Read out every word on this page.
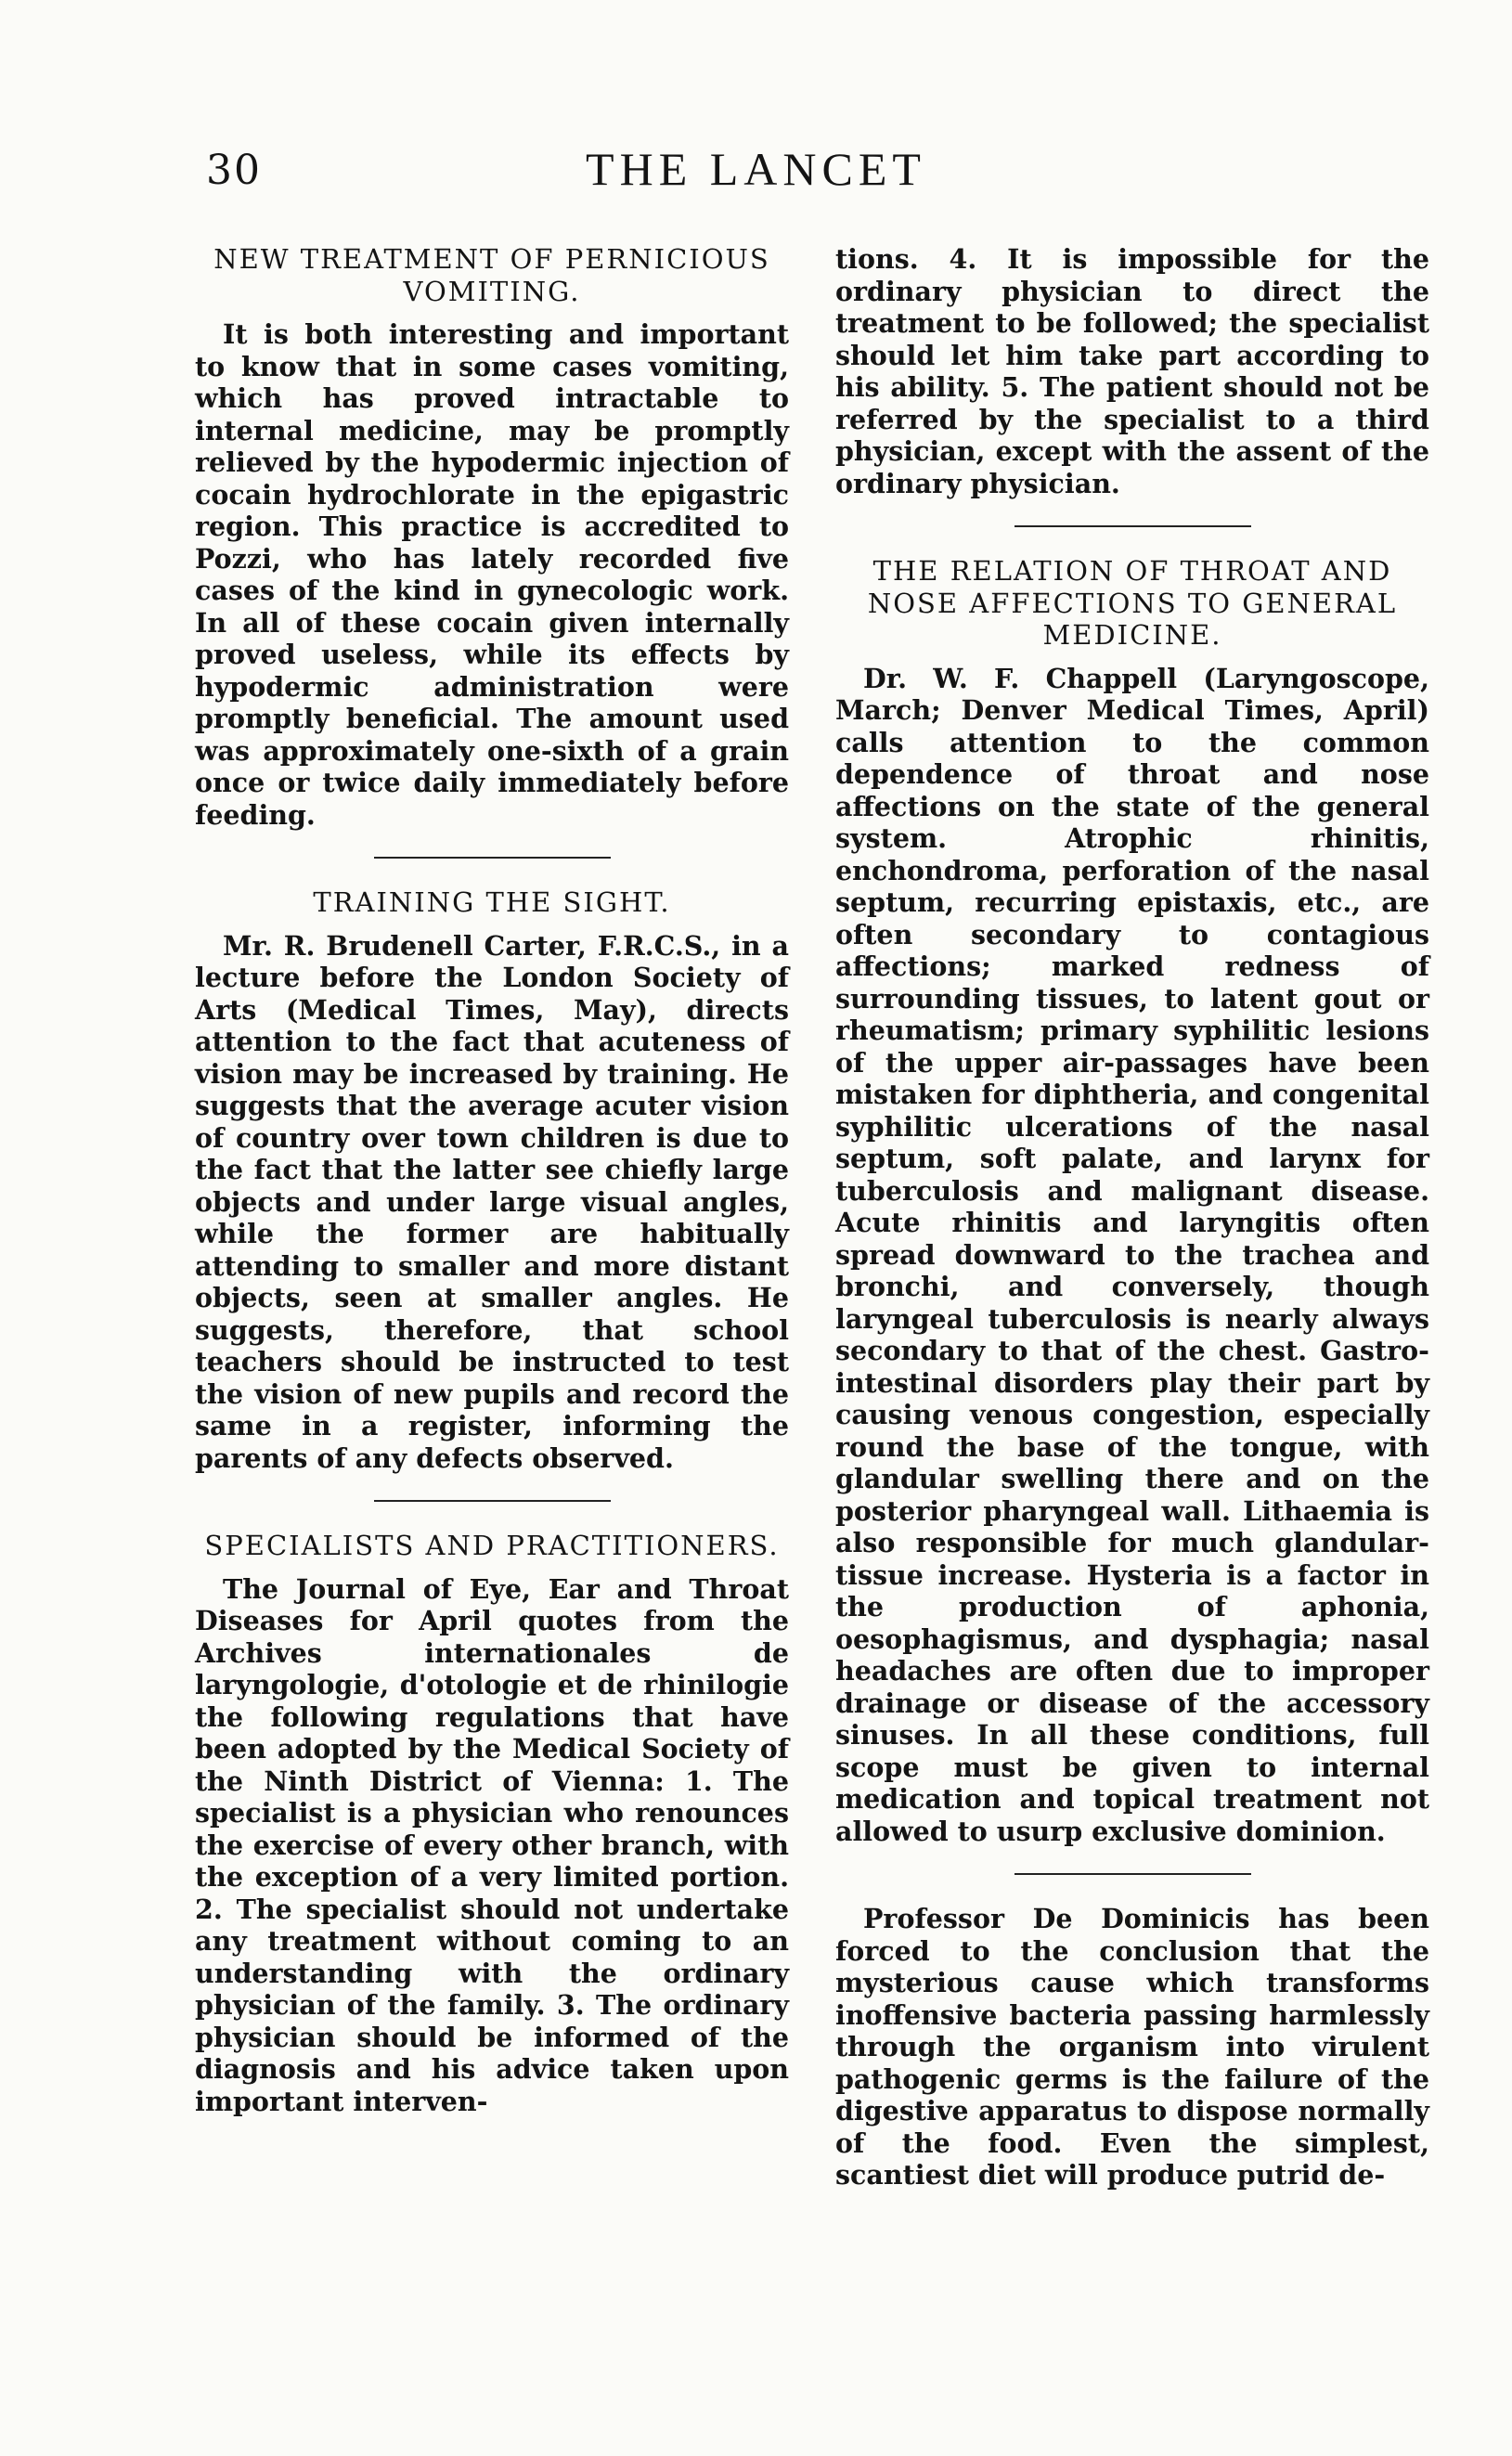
30	THE LANCET
NEW TREATMENT OF PERNICIOUS VOMITING.

It is both interesting and important to know that in some cases vomiting, which has proved intractable to internal medicine, may be promptly relieved by the hypodermic injection of cocain hydrochlorate in the epigastric region. This practice is accredited to Pozzi, who has lately recorded five cases of the kind in gynecologic work. In all of these cocain given internally proved useless, while its effects by hypodermic administration were promptly beneficial. The amount used was approximately one-sixth of a grain once or twice daily immediately before feeding.

TRAINING THE SIGHT.

Mr. R. Brudenell Carter, F.R.C.S., in a lecture before the London Society of Arts (Medical Times, May), directs attention to the fact that acuteness of vision may be increased by training. He suggests that the average acuter vision of country over town children is due to the fact that the latter see chiefly large objects and under large visual angles, while the former are habitually attending to smaller and more distant objects, seen at smaller angles. He suggests, therefore, that school teachers should be instructed to test the vision of new pupils and record the same in a register, informing the parents of any defects observed.

SPECIALISTS AND PRACTITIONERS.

The Journal of Eye, Ear and Throat Diseases for April quotes from the Archives internationales de laryngologie, d'otologie et de rhinilogie the following regulations that have been adopted by the Medical Society of the Ninth District of Vienna: 1. The specialist is a physician who renounces the exercise of every other branch, with the exception of a very limited portion. 2. The specialist should not undertake any treatment without coming to an understanding with the ordinary physician of the family. 3. The ordinary physician should be informed of the diagnosis and his advice taken upon important interven-

tions. 4. It is impossible for the ordinary physician to direct the treatment to be followed; the specialist should let him take part according to his ability. 5. The patient should not be referred by the specialist to a third physician, except with the assent of the ordinary physician.

THE RELATION OF THROAT AND NOSE AFFECTIONS TO GENERAL MEDICINE.

Dr. W. F. Chappell (Laryngoscope, March; Denver Medical Times, April) calls attention to the common dependence of throat and nose affections on the state of the general system. Atrophic rhinitis, enchondroma, perforation of the nasal septum, recurring epistaxis, etc., are often secondary to contagious affections; marked redness of surrounding tissues, to latent gout or rheumatism; primary syphilitic lesions of the upper air-passages have been mistaken for diphtheria, and congenital syphilitic ulcerations of the nasal septum, soft palate, and larynx for tuberculosis and malignant disease. Acute rhinitis and laryngitis often spread downward to the trachea and bronchi, and conversely, though laryngeal tuberculosis is nearly always secondary to that of the chest. Gastro-intestinal disorders play their part by causing venous congestion, especially round the base of the tongue, with glandular swelling there and on the posterior pharyngeal wall. Lithaemia is also responsible for much glandular-tissue increase. Hysteria is a factor in the production of aphonia, oesophagismus, and dysphagia; nasal headaches are often due to improper drainage or disease of the accessory sinuses. In all these conditions, full scope must be given to internal medication and topical treatment not allowed to usurp exclusive dominion.

Professor De Dominicis has been forced to the conclusion that the mysterious cause which transforms inoffensive bacteria passing harmlessly through the organism into virulent pathogenic germs is the failure of the digestive apparatus to dispose normally of the food. Even the simplest, scantiest diet will produce putrid de-
